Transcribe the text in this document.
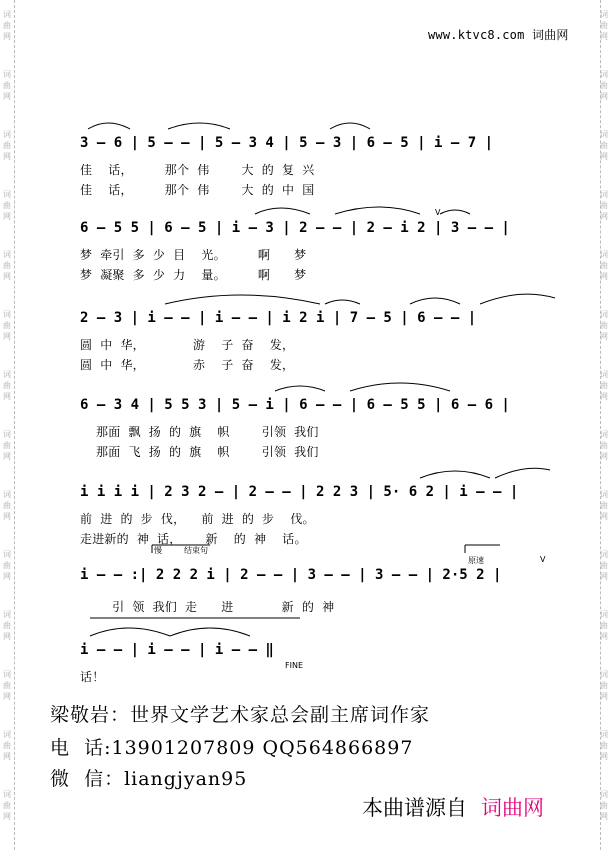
词
曲
网
词
曲
网
词
曲
网
词
曲
网
词
曲
网
词
曲
网
词
曲
网
词
曲
网
词
曲
网
词
曲
网
词
曲
网
词
曲
网
词
曲
网
词
曲
网
词
曲
网
词
曲
网
词
曲
网
词
曲
网
词
曲
网
词
曲
网
词
曲
网
词
曲
网
词
曲
网
词
曲
网
词
曲
网
词
曲
网
词
曲
网
词
曲
网
www.ktvc8.com 词曲网
3 – 6 | 5 – – | 5 – 3 4 | 5 – 3 | 6 – 5 | i – 7 |
佳    话，        那个  伟        大  的  复  兴
佳    话，        那个  伟        大  的  中  国
6 – 5 5 | 6 – 5 | i – 3 | 2 – – | 2 – i 2 | 3 – – |
V
梦  牵引  多  少  目    光。        啊      梦
梦  凝聚  多  少  力    量。        啊      梦
2 – 3 | i – – | i – – | i 2 i | 7 – 5 | 6 – – |
圆  中  华，            游    子  奋    发，
圆  中  华，            赤    子  奋    发，
6 – 3 4 | 5 5 3 | 5 – i | 6 – – | 6 – 5 5 | 6 – 6 |
那面  飘  扬  的  旗    帜        引领  我们
那面  飞  扬  的  旗    帜        引领  我们
i i i i | 2 3 2 – | 2 – – | 2 2 3 | 5· 6 2 | i – – |
前  进  的  步  伐，    前  进  的  步    伐。
走进新的  神  话，      新    的  神    话。
慢	结束句
原速	V
i – – :| 2 2 2 i | 2 – – | 3 – – | 3 – – | 2·5 2 |
引  领  我们  走      进            新  的  神
i – – | i – – | i – – ‖
FINE
话！
梁敬岩：世界文学艺术家总会副主席词作家
电  话:13901207809 QQ564866897
微  信：liangjyan95
本曲谱源自 词曲网
